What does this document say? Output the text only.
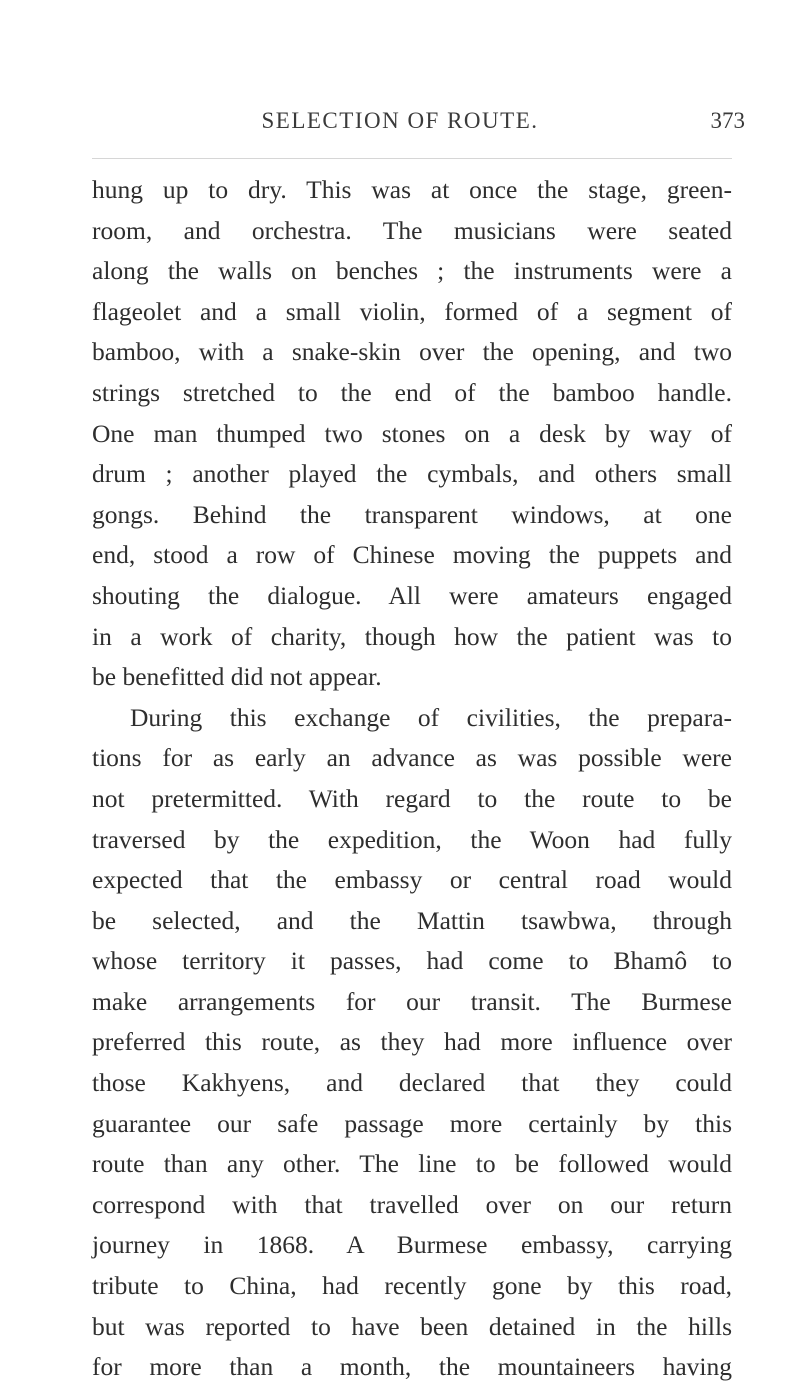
SELECTION OF ROUTE.	373
hung up to dry. This was at once the stage, green-
room, and orchestra. The musicians were seated
along the walls on benches ; the instruments were a
flageolet and a small violin, formed of a segment of
bamboo, with a snake-skin over the opening, and two
strings stretched to the end of the bamboo handle.
One man thumped two stones on a desk by way of
drum ; another played the cymbals, and others small
gongs. Behind the transparent windows, at one
end, stood a row of Chinese moving the puppets and
shouting the dialogue. All were amateurs engaged
in a work of charity, though how the patient was to
be benefitted did not appear.
During this exchange of civilities, the prepara-
tions for as early an advance as was possible were
not pretermitted. With regard to the route to be
traversed by the expedition, the Woon had fully
expected that the embassy or central road would
be selected, and the Mattin tsawbwa, through
whose territory it passes, had come to Bhamô to
make arrangements for our transit. The Burmese
preferred this route, as they had more influence over
those Kakhyens, and declared that they could
guarantee our safe passage more certainly by this
route than any other. The line to be followed would
correspond with that travelled over on our return
journey in 1868. A Burmese embassy, carrying
tribute to China, had recently gone by this road,
but was reported to have been detained in the hills
for more than a month, the mountaineers having
